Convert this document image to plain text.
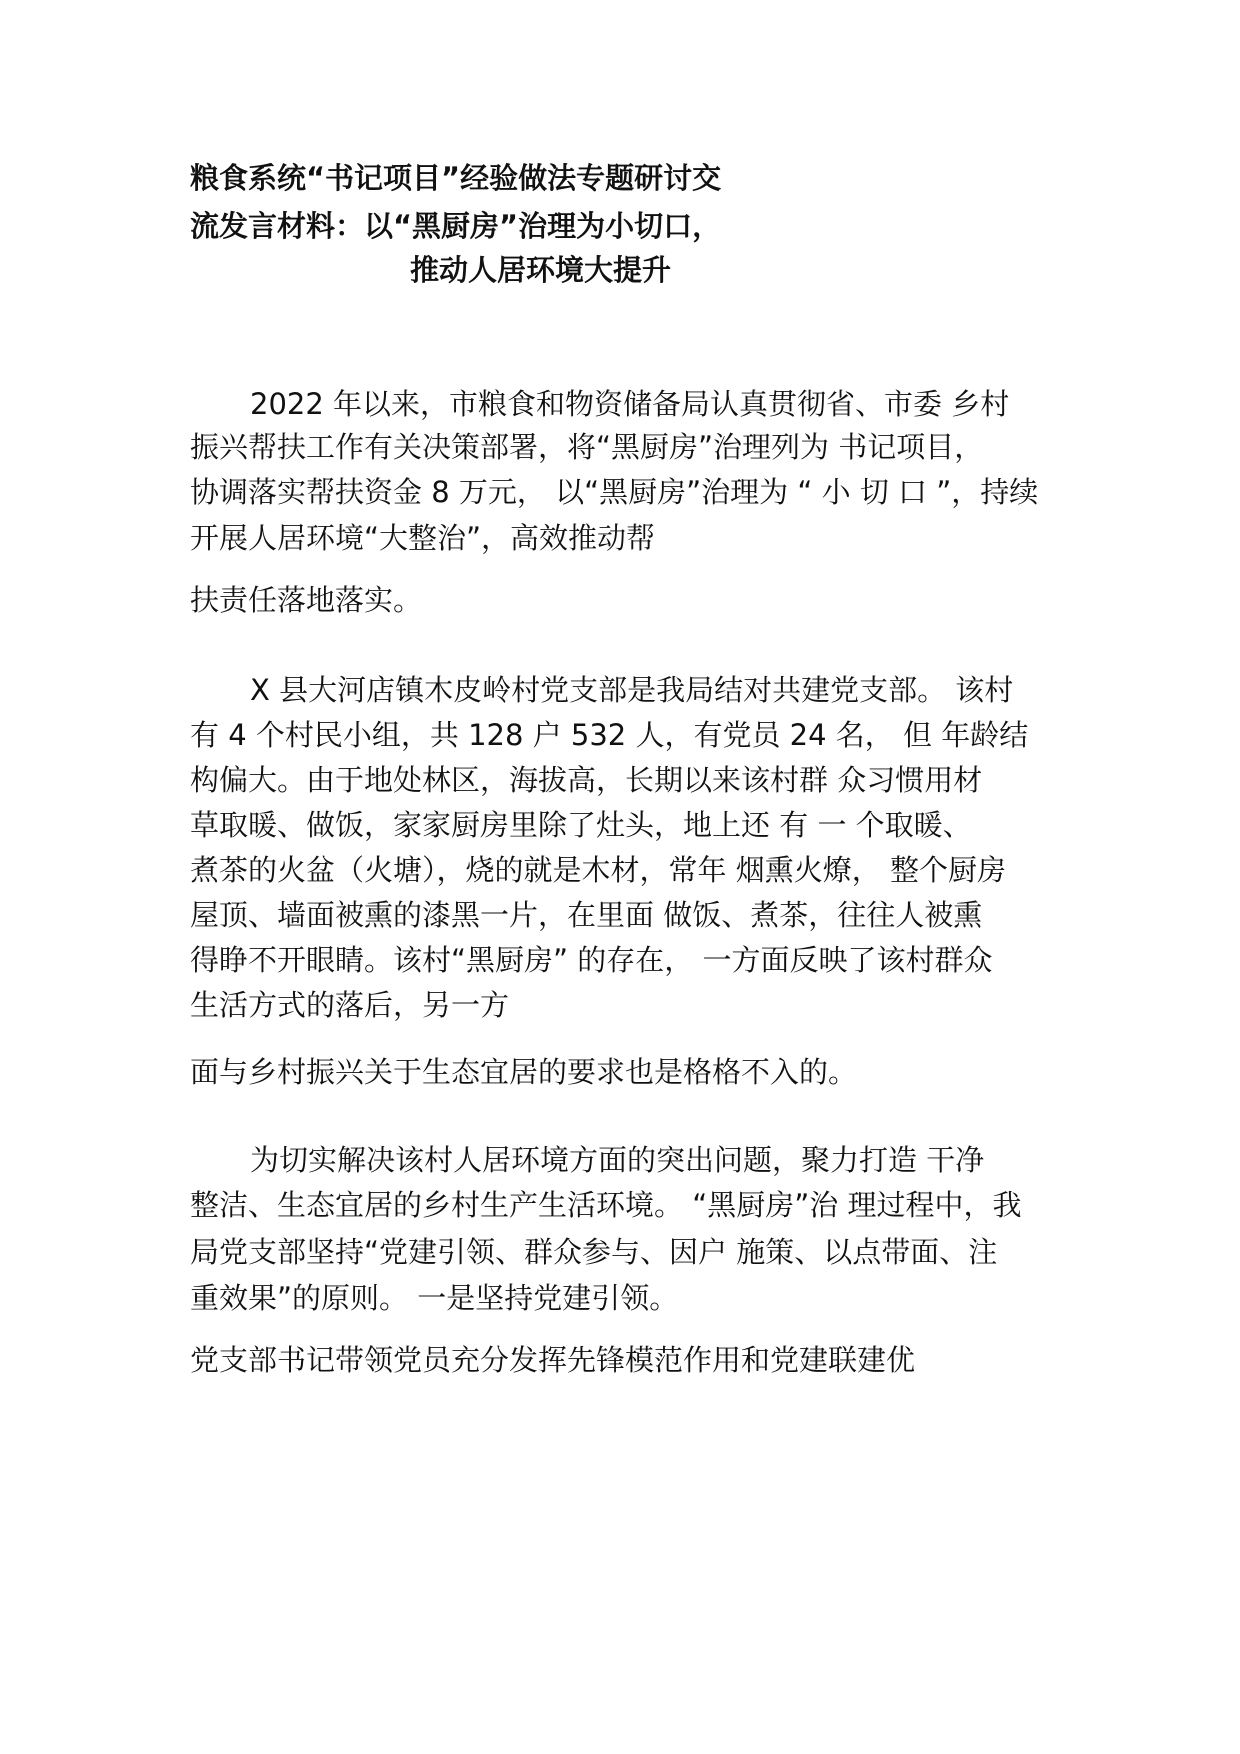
粮食系统“书记项目”经验做法专题研讨交
流发言材料：以“黑厨房”治理为小切口，
推动人居环境大提升
2022 年以来，市粮食和物资储备局认真贯彻省、市委 乡村
振兴帮扶工作有关决策部署，将“黑厨房”治理列为 书记项目，
协调落实帮扶资金 8 万元， 以“黑厨房”治理为 “ 小 切 口 ”，持续
开展人居环境“大整治”，高效推动帮
扶责任落地落实。
X 县大河店镇木皮岭村党支部是我局结对共建党支部。 该村
有 4 个村民小组，共 128 户 532 人，有党员 24 名， 但 年龄结
构偏大。由于地处林区，海拔高，长期以来该村群 众习惯用材
草取暖、做饭，家家厨房里除了灶头，地上还 有 一 个取暖、
煮茶的火盆（火塘），烧的就是木材，常年 烟熏火燎， 整个厨房
屋顶、墙面被熏的漆黑一片，在里面 做饭、煮茶，往往人被熏
得睁不开眼睛。该村“黑厨房” 的存在， 一方面反映了该村群众
生活方式的落后，另一方
面与乡村振兴关于生态宜居的要求也是格格不入的。
为切实解决该村人居环境方面的突出问题，聚力打造 干净
整洁、生态宜居的乡村生产生活环境。 “黑厨房”治 理过程中，我
局党支部坚持“党建引领、群众参与、因户 施策、以点带面、注
重效果”的原则。 一是坚持党建引领。
党支部书记带领党员充分发挥先锋模范作用和党建联建优
